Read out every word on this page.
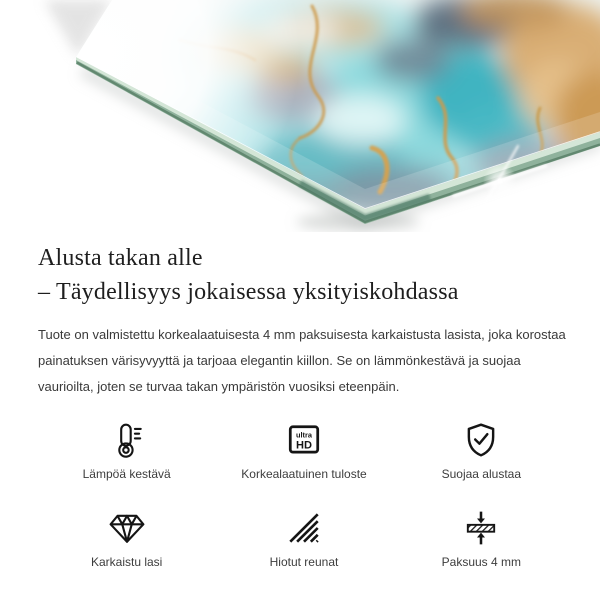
Alusta takan alle
– Täydellisyys jokaisessa yksityiskohdassa

Tuote on valmistettu korkealaatuisesta 4 mm paksuisesta karkaistusta lasista, joka korostaa painatuksen värisyvyyttä ja tarjoaa elegantin kiillon. Se on lämmönkestävä ja suojaa vaurioilta, joten se turvaa takan ympäristön vuosiksi eteenpäin.

Lämpöä kestävä
ultra
HD
Korkealaatuinen tuloste	Suojaa alustaa
Karkaistu lasi	Hiotut reunat	Paksuus 4 mm
